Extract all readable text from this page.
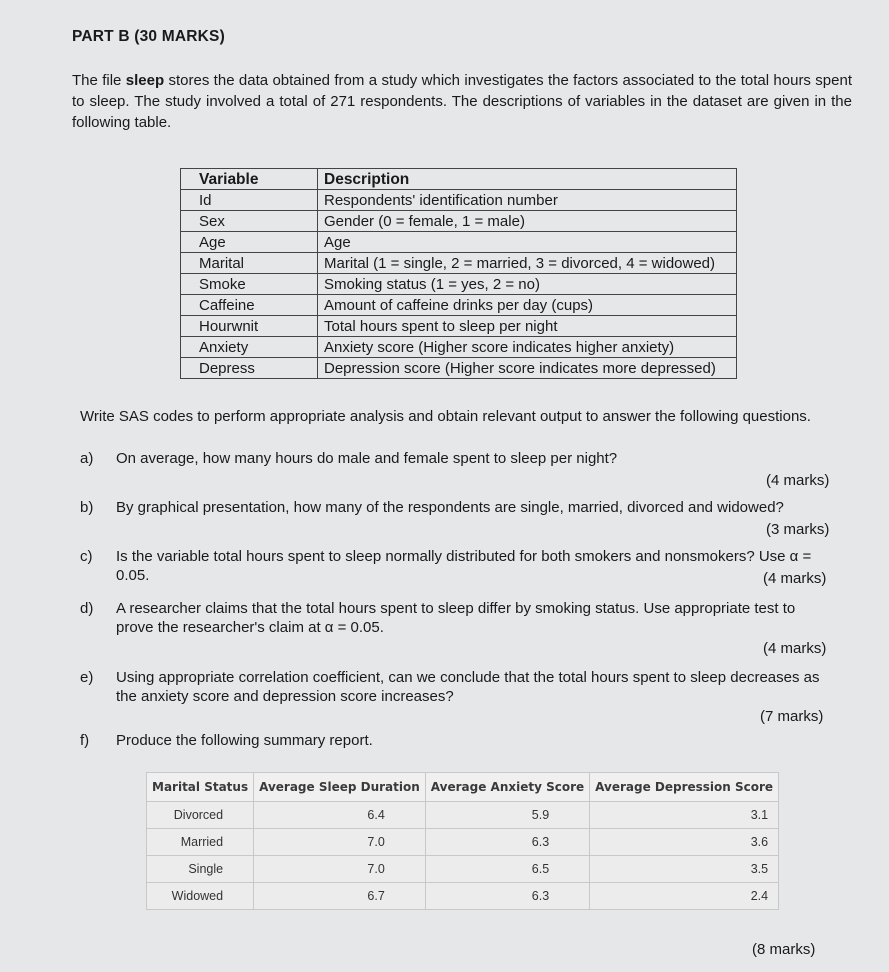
PART B (30 MARKS)

The file sleep stores the data obtained from a study which investigates the factors associated to the total hours spent to sleep. The study involved a total of 271 respondents. The descriptions of variables in the dataset are given in the following table.

Variable	Description
Id	Respondents' identification number
Sex	Gender (0 = female, 1 = male)
Age	Age
Marital	Marital (1 = single, 2 = married, 3 = divorced, 4 = widowed)
Smoke	Smoking status (1 = yes, 2 = no)
Caffeine	Amount of caffeine drinks per day (cups)
Hourwnit	Total hours spent to sleep per night
Anxiety	Anxiety score (Higher score indicates higher anxiety)
Depress	Depression score (Higher score indicates more depressed)
Write SAS codes to perform appropriate analysis and obtain relevant output to answer the following questions.
a) On average, how many hours do male and female spent to sleep per night?
(4 marks)
b) By graphical presentation, how many of the respondents are single, married, divorced and widowed?
(3 marks)
c) Is the variable total hours spent to sleep normally distributed for both smokers and nonsmokers? Use α = 0.05.	(4 marks)
d) A researcher claims that the total hours spent to sleep differ by smoking status. Use appropriate test to prove the researcher's claim at α = 0.05.
(4 marks)
e) Using appropriate correlation coefficient, can we conclude that the total hours spent to sleep decreases as the anxiety score and depression score increases?
(7 marks)
f) Produce the following summary report.
Marital Status	Average Sleep Duration	Average Anxiety Score	Average Depression Score
Divorced	6.4	5.9	3.1
Married	7.0	6.3	3.6
Single	7.0	6.5	3.5
Widowed	6.7	6.3	2.4
(8 marks)
